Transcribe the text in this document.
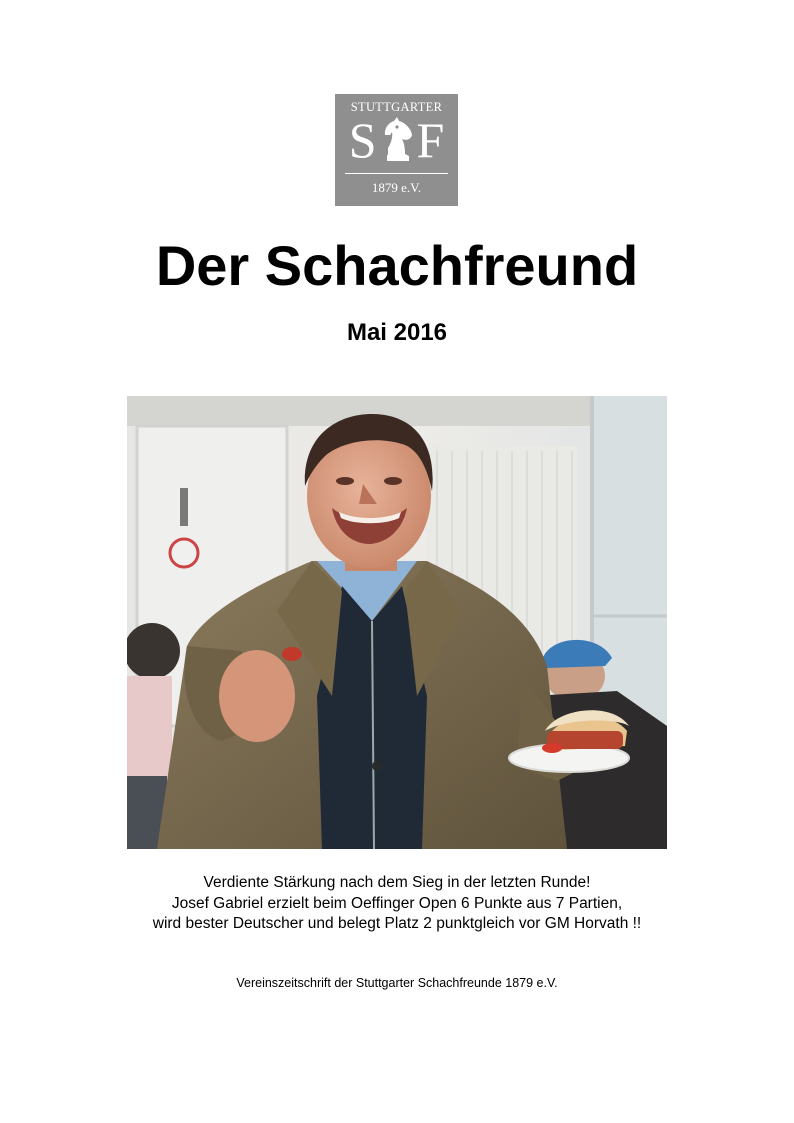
STUTTGARTER
S F
1879 e.V.
Der Schachfreund
Mai 2016
Verdiente Stärkung nach dem Sieg in der letzten Runde!
Josef Gabriel erzielt beim Oeffinger Open 6 Punkte aus 7 Partien,
wird bester Deutscher und belegt Platz 2 punktgleich vor GM Horvath !!
Vereinszeitschrift der Stuttgarter Schachfreunde 1879 e.V.
